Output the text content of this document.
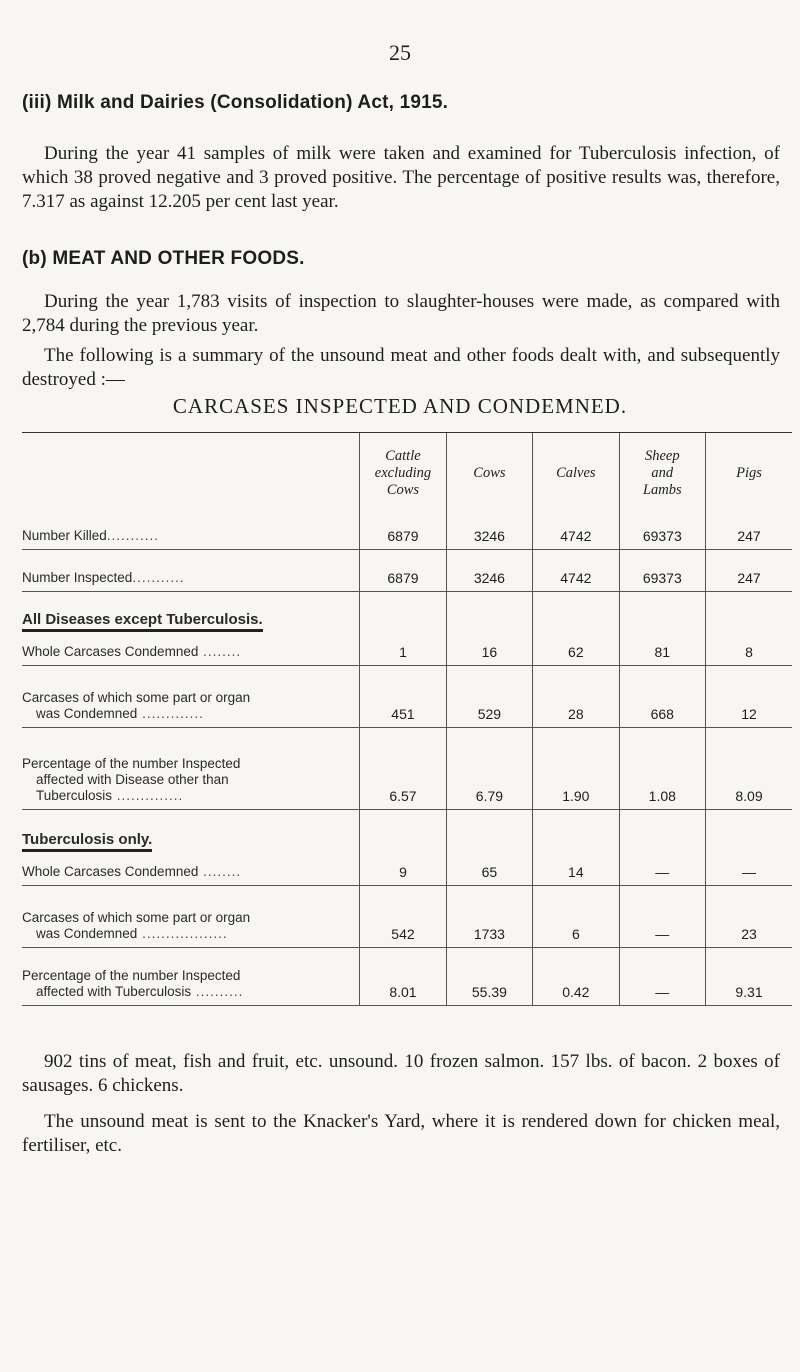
25
(iii) Milk and Dairies (Consolidation) Act, 1915.
During the year 41 samples of milk were taken and examined for Tuberculosis infection, of which 38 proved negative and 3 proved positive. The percentage of positive results was, therefore, 7.317 as against 12.205 per cent last year.
(b) MEAT AND OTHER FOODS.
During the year 1,783 visits of inspection to slaughter-houses were made, as compared with 2,784 during the previous year.
The following is a summary of the unsound meat and other foods dealt with, and subsequently destroyed :—
CARCASES INSPECTED AND CONDEMNED.
	Cattle excluding Cows	Cows	Calves	Sheep and Lambs	Pigs
Number Killed...........	6879	3246	4742	69373	247
Number Inspected...........	6879	3246	4742	69373	247
All Diseases except Tuberculosis.
Whole Carcases Condemned ........	1	16	62	81	8
Carcases of which some part or organ
was Condemned .............	451	529	28	668	12
Percentage of the number Inspected
affected with Disease other than
Tuberculosis ..............	6.57	6.79	1.90	1.08	8.09
Tuberculosis only.
Whole Carcases Condemned ........	9	65	14	—	—
Carcases of which some part or organ
was Condemned ..................	542	1733	6	—	23
Percentage of the number Inspected
affected with Tuberculosis ..........	8.01	55.39	0.42	—	9.31
902 tins of meat, fish and fruit, etc. unsound. 10 frozen salmon. 157 lbs. of bacon. 2 boxes of sausages. 6 chickens.
The unsound meat is sent to the Knacker's Yard, where it is rendered down for chicken meal, fertiliser, etc.
